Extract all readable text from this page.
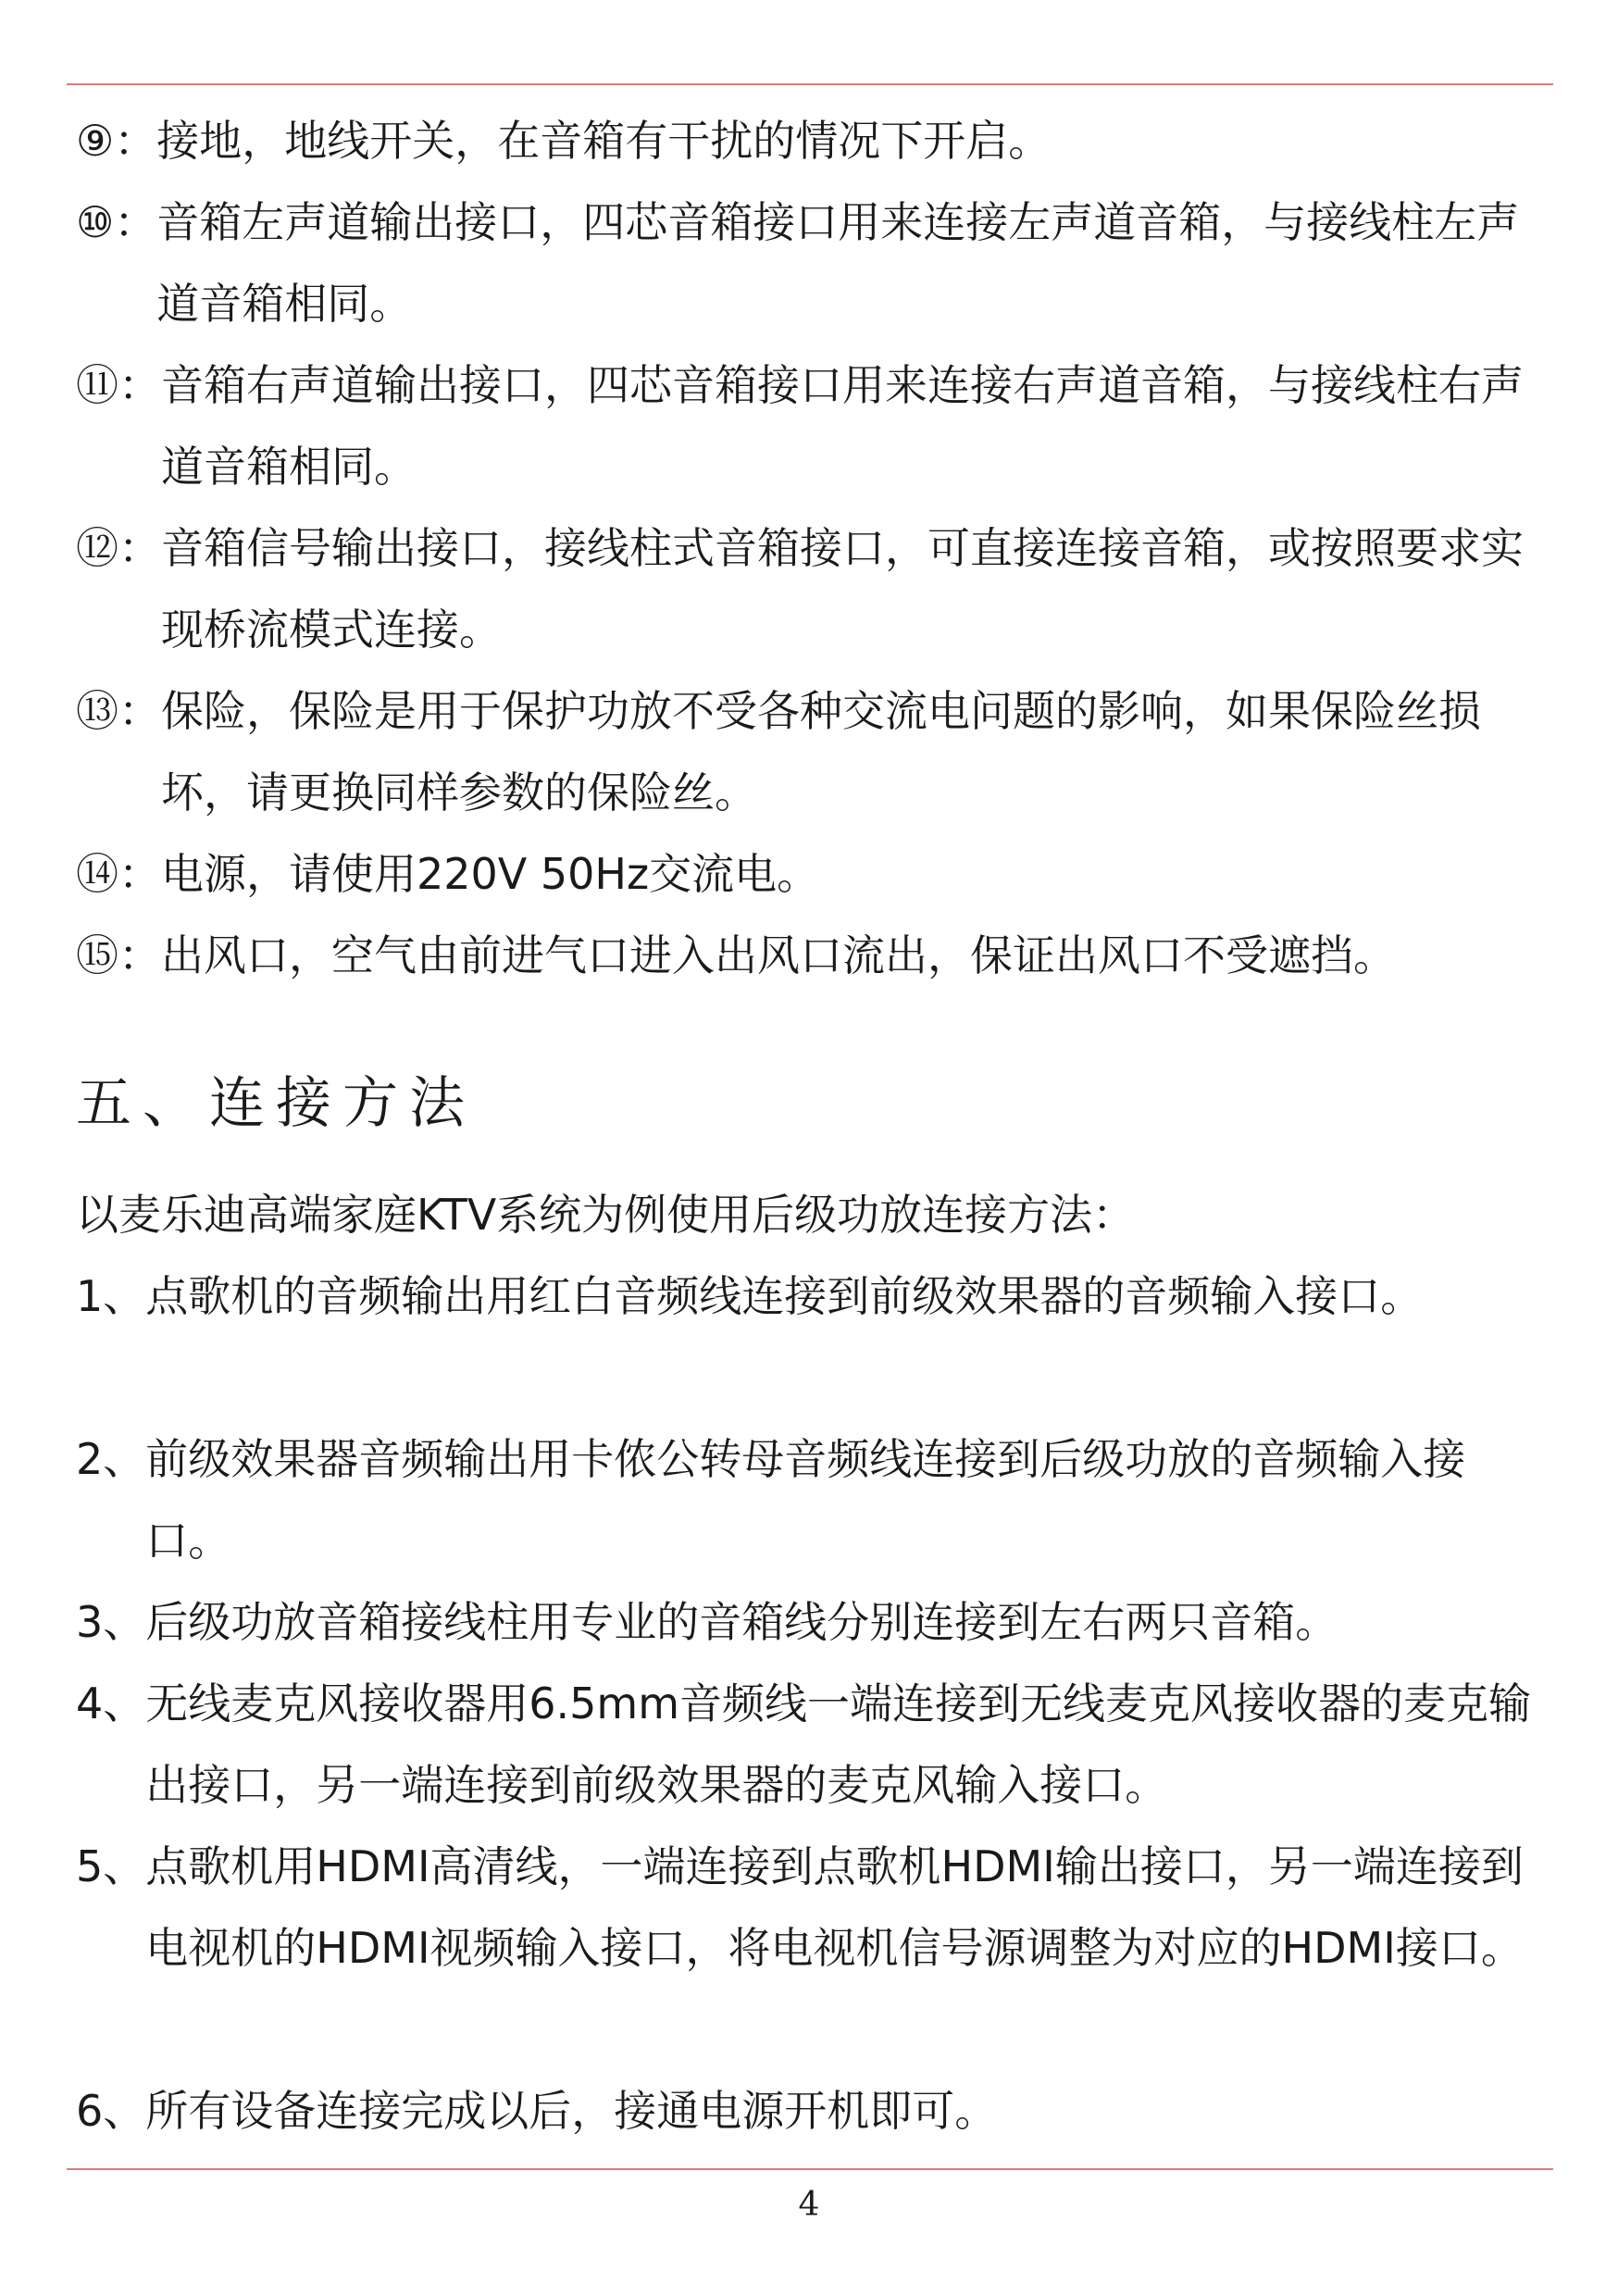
⑨： 接地，地线开关，在音箱有干扰的情况下开启。
⑩： 音箱左声道输出接口，四芯音箱接口用来连接左声道音箱，与接线柱左声道音箱相同。
⑪： 音箱右声道输出接口，四芯音箱接口用来连接右声道音箱，与接线柱右声道音箱相同。
⑫： 音箱信号输出接口，接线柱式音箱接口，可直接连接音箱，或按照要求实现桥流模式连接。
⑬： 保险，保险是用于保护功放不受各种交流电问题的影响，如果保险丝损坏，请更换同样参数的保险丝。
⑭： 电源，请使用220V 50Hz交流电。
⑮： 出风口，空气由前进气口进入出风口流出，保证出风口不受遮挡。
五、连接方法
以麦乐迪高端家庭KTV系统为例使用后级功放连接方法：
1、 点歌机的音频输出用红白音频线连接到前级效果器的音频输入接口。
2、 前级效果器音频输出用卡侬公转母音频线连接到后级功放的音频输入接口。
3、 后级功放音箱接线柱用专业的音箱线分别连接到左右两只音箱。
4、 无线麦克风接收器用6.5mm音频线一端连接到无线麦克风接收器的麦克输出接口，另一端连接到前级效果器的麦克风输入接口。
5、 点歌机用HDMI高清线，一端连接到点歌机HDMI输出接口，另一端连接到电视机的HDMI视频输入接口，将电视机信号源调整为对应的HDMI接口。
6、 所有设备连接完成以后，接通电源开机即可。
4
